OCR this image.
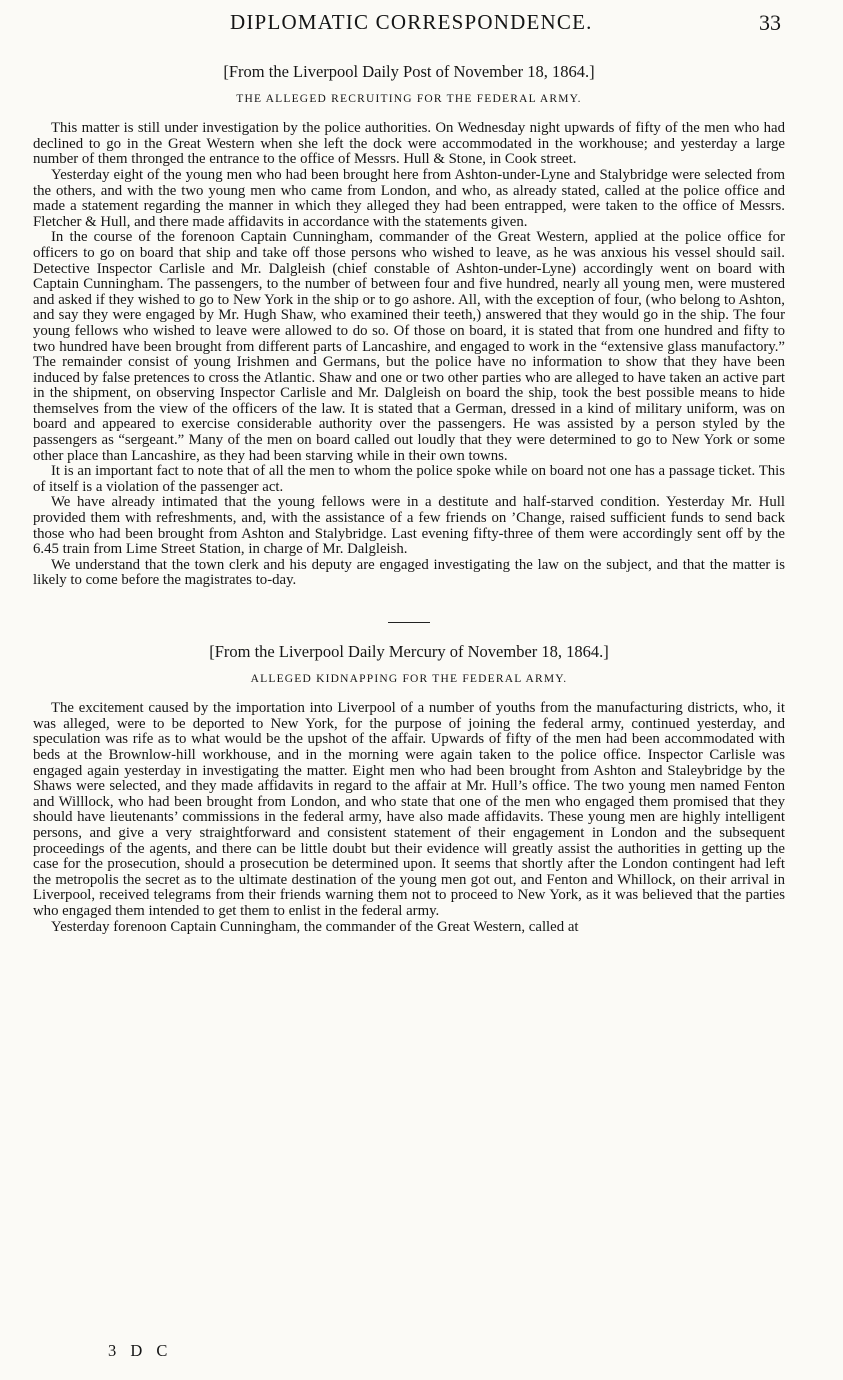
DIPLOMATIC CORRESPONDENCE.	33

[From the Liverpool Daily Post of November 18, 1864.]

THE ALLEGED RECRUITING FOR THE FEDERAL ARMY.

This matter is still under investigation by the police authorities. On Wednesday night upwards of fifty of the men who had declined to go in the Great Western when she left the dock were accommodated in the workhouse; and yesterday a large number of them thronged the entrance to the office of Messrs. Hull & Stone, in Cook street.

Yesterday eight of the young men who had been brought here from Ashton-under-Lyne and Stalybridge were selected from the others, and with the two young men who came from London, and who, as already stated, called at the police office and made a statement regarding the manner in which they alleged they had been entrapped, were taken to the office of Messrs. Fletcher & Hull, and there made affidavits in accordance with the statements given.

In the course of the forenoon Captain Cunningham, commander of the Great Western, applied at the police office for officers to go on board that ship and take off those persons who wished to leave, as he was anxious his vessel should sail. Detective Inspector Carlisle and Mr. Dalgleish (chief constable of Ashton-under-Lyne) accordingly went on board with Captain Cunningham. The passengers, to the number of between four and five hundred, nearly all young men, were mustered and asked if they wished to go to New York in the ship or to go ashore. All, with the exception of four, (who belong to Ashton, and say they were engaged by Mr. Hugh Shaw, who examined their teeth,) answered that they would go in the ship. The four young fellows who wished to leave were allowed to do so. Of those on board, it is stated that from one hundred and fifty to two hundred have been brought from different parts of Lancashire, and engaged to work in the “extensive glass manufactory.” The remainder consist of young Irishmen and Germans, but the police have no information to show that they have been induced by false pretences to cross the Atlantic. Shaw and one or two other parties who are alleged to have taken an active part in the shipment, on observing Inspector Carlisle and Mr. Dalgleish on board the ship, took the best possible means to hide themselves from the view of the officers of the law. It is stated that a German, dressed in a kind of military uniform, was on board and appeared to exercise considerable authority over the passengers. He was assisted by a person styled by the passengers as “sergeant.” Many of the men on board called out loudly that they were determined to go to New York or some other place than Lancashire, as they had been starving while in their own towns.

It is an important fact to note that of all the men to whom the police spoke while on board not one has a passage ticket. This of itself is a violation of the passenger act.

We have already intimated that the young fellows were in a destitute and half-starved condition. Yesterday Mr. Hull provided them with refreshments, and, with the assistance of a few friends on ’Change, raised sufficient funds to send back those who had been brought from Ashton and Stalybridge. Last evening fifty-three of them were accordingly sent off by the 6.45 train from Lime Street Station, in charge of Mr. Dalgleish.

We understand that the town clerk and his deputy are engaged investigating the law on the subject, and that the matter is likely to come before the magistrates to-day.

[From the Liverpool Daily Mercury of November 18, 1864.]

ALLEGED KIDNAPPING FOR THE FEDERAL ARMY.

The excitement caused by the importation into Liverpool of a number of youths from the manufacturing districts, who, it was alleged, were to be deported to New York, for the purpose of joining the federal army, continued yesterday, and speculation was rife as to what would be the upshot of the affair. Upwards of fifty of the men had been accommodated with beds at the Brownlow-hill workhouse, and in the morning were again taken to the police office. Inspector Carlisle was engaged again yesterday in investigating the matter. Eight men who had been brought from Ashton and Staleybridge by the Shaws were selected, and they made affidavits in regard to the affair at Mr. Hull’s office. The two young men named Fenton and Willlock, who had been brought from London, and who state that one of the men who engaged them promised that they should have lieutenants’ commissions in the federal army, have also made affidavits. These young men are highly intelligent persons, and give a very straightforward and consistent statement of their engagement in London and the subsequent proceedings of the agents, and there can be little doubt but their evidence will greatly assist the authorities in getting up the case for the prosecution, should a prosecution be determined upon. It seems that shortly after the London contingent had left the metropolis the secret as to the ultimate destination of the young men got out, and Fenton and Whillock, on their arrival in Liverpool, received telegrams from their friends warning them not to proceed to New York, as it was believed that the parties who engaged them intended to get them to enlist in the federal army.

Yesterday forenoon Captain Cunningham, the commander of the Great Western, called at

3 D C
